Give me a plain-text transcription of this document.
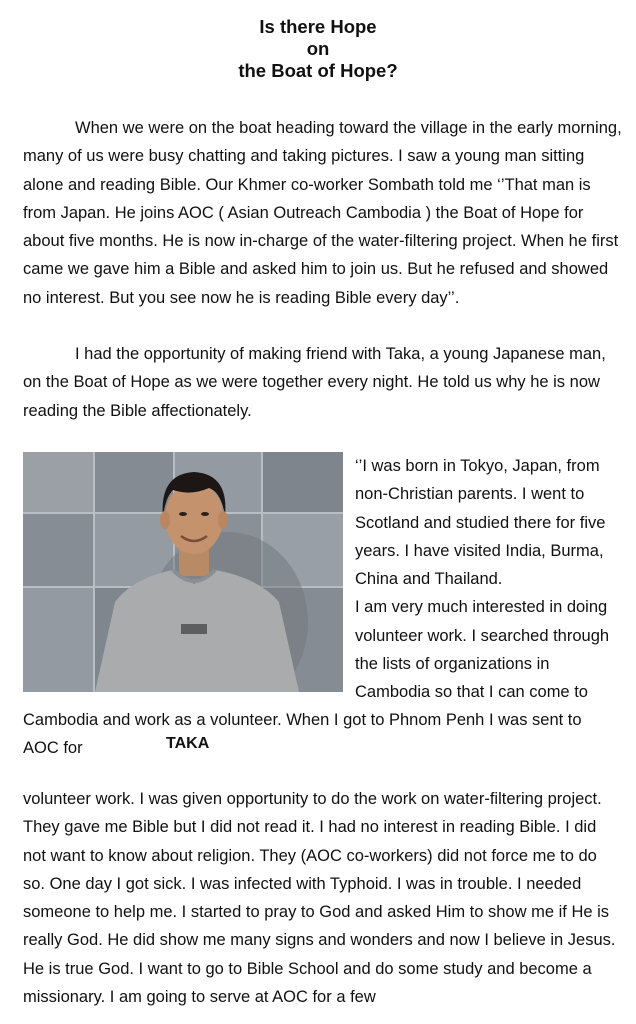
Is there Hope
on
the Boat of Hope?

When we were on the boat heading toward the village in the early morning, many of us were busy chatting and taking pictures. I saw a young man sitting alone and reading Bible. Our Khmer co-worker Sombath told me ‘’That man is from Japan. He joins AOC ( Asian Outreach Cambodia ) the Boat of Hope for about five months. He is now in-charge of the water-filtering project. When he first came we gave him a Bible and asked him to join us. But he refused and showed no interest. But you see now he is reading Bible every day’’.

I had the opportunity of making friend with Taka, a young Japanese man, on the Boat of Hope as we were together every night. He told us why he is now reading the Bible affectionately.

‘’I was born in Tokyo, Japan, from non-Christian parents. I went to Scotland and studied there for five years. I have visited India, Burma, China and Thailand.
I am very much interested in doing volunteer work. I searched through the lists of organizations in Cambodia so that I can come to

Cambodia and work as a volunteer. When I got to Phnom Penh I was sent to

AOC for	TAKA

volunteer work. I was given opportunity to do the work on water-filtering project. They gave me Bible but I did not read it. I had no interest in reading Bible. I did not want to know about religion. They (AOC co-workers) did not force me to do so. One day I got sick. I was infected with Typhoid. I was in trouble. I needed someone to help me. I started to pray to God and asked Him to show me if He is really God. He did show me many signs and wonders and now I believe in Jesus. He is true God. I want to go to Bible School and do some study and become a missionary. I am going to serve at AOC for a few
